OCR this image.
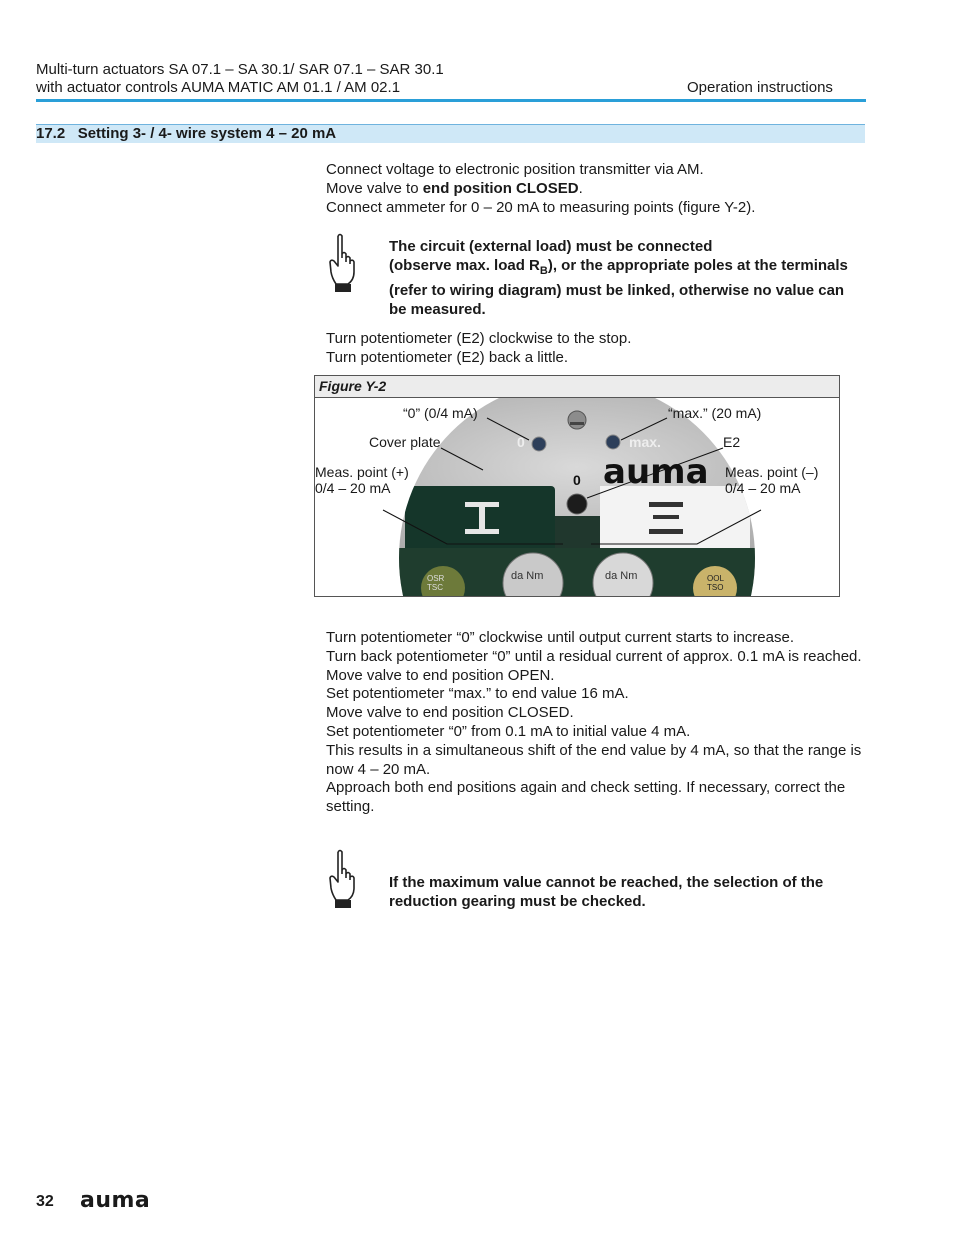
Multi-turn actuators SA 07.1 – SA 30.1/ SAR 07.1 – SAR 30.1
with actuator controls AUMA MATIC AM 01.1 / AM 02.1	Operation instructions
17.2   Setting 3- / 4- wire system 4 – 20 mA
Connect voltage to electronic position transmitter via AM.
Move valve to end position CLOSED.
Connect ammeter for 0 – 20 mA to measuring points (figure Y-2).
The circuit (external load) must be connected
(observe max. load $R_B$), or the appropriate poles at the terminals
(refer to wiring diagram) must be linked, otherwise no value can
be measured.
Turn potentiometer (E2) clockwise to the stop.
Turn potentiometer (E2) back a little.
Figure Y-2
0	max.
0 auma
da Nm	da Nm
OSR
TSC
OOL
TSO
“0” (0/4 mA)	“max.” (20 mA)
Cover plate	E2
Meas. point (+)
0/4 – 20 mA
Meas. point (–)
0/4 – 20 mA
Turn potentiometer “0” clockwise until output current starts to increase.
Turn back potentiometer “0” until a residual current of approx. 0.1 mA is reached.
Move valve to end position OPEN.
Set potentiometer “max.” to end value 16 mA.
Move valve to end position CLOSED.
Set potentiometer “0” from 0.1 mA to initial value 4 mA.
This results in a simultaneous shift of the end value by 4 mA, so that the range is now 4 – 20 mA.
Approach both end positions again and check setting. If necessary, correct the setting.
If the maximum value cannot be reached, the selection of the reduction gearing must be checked.
32 auma
